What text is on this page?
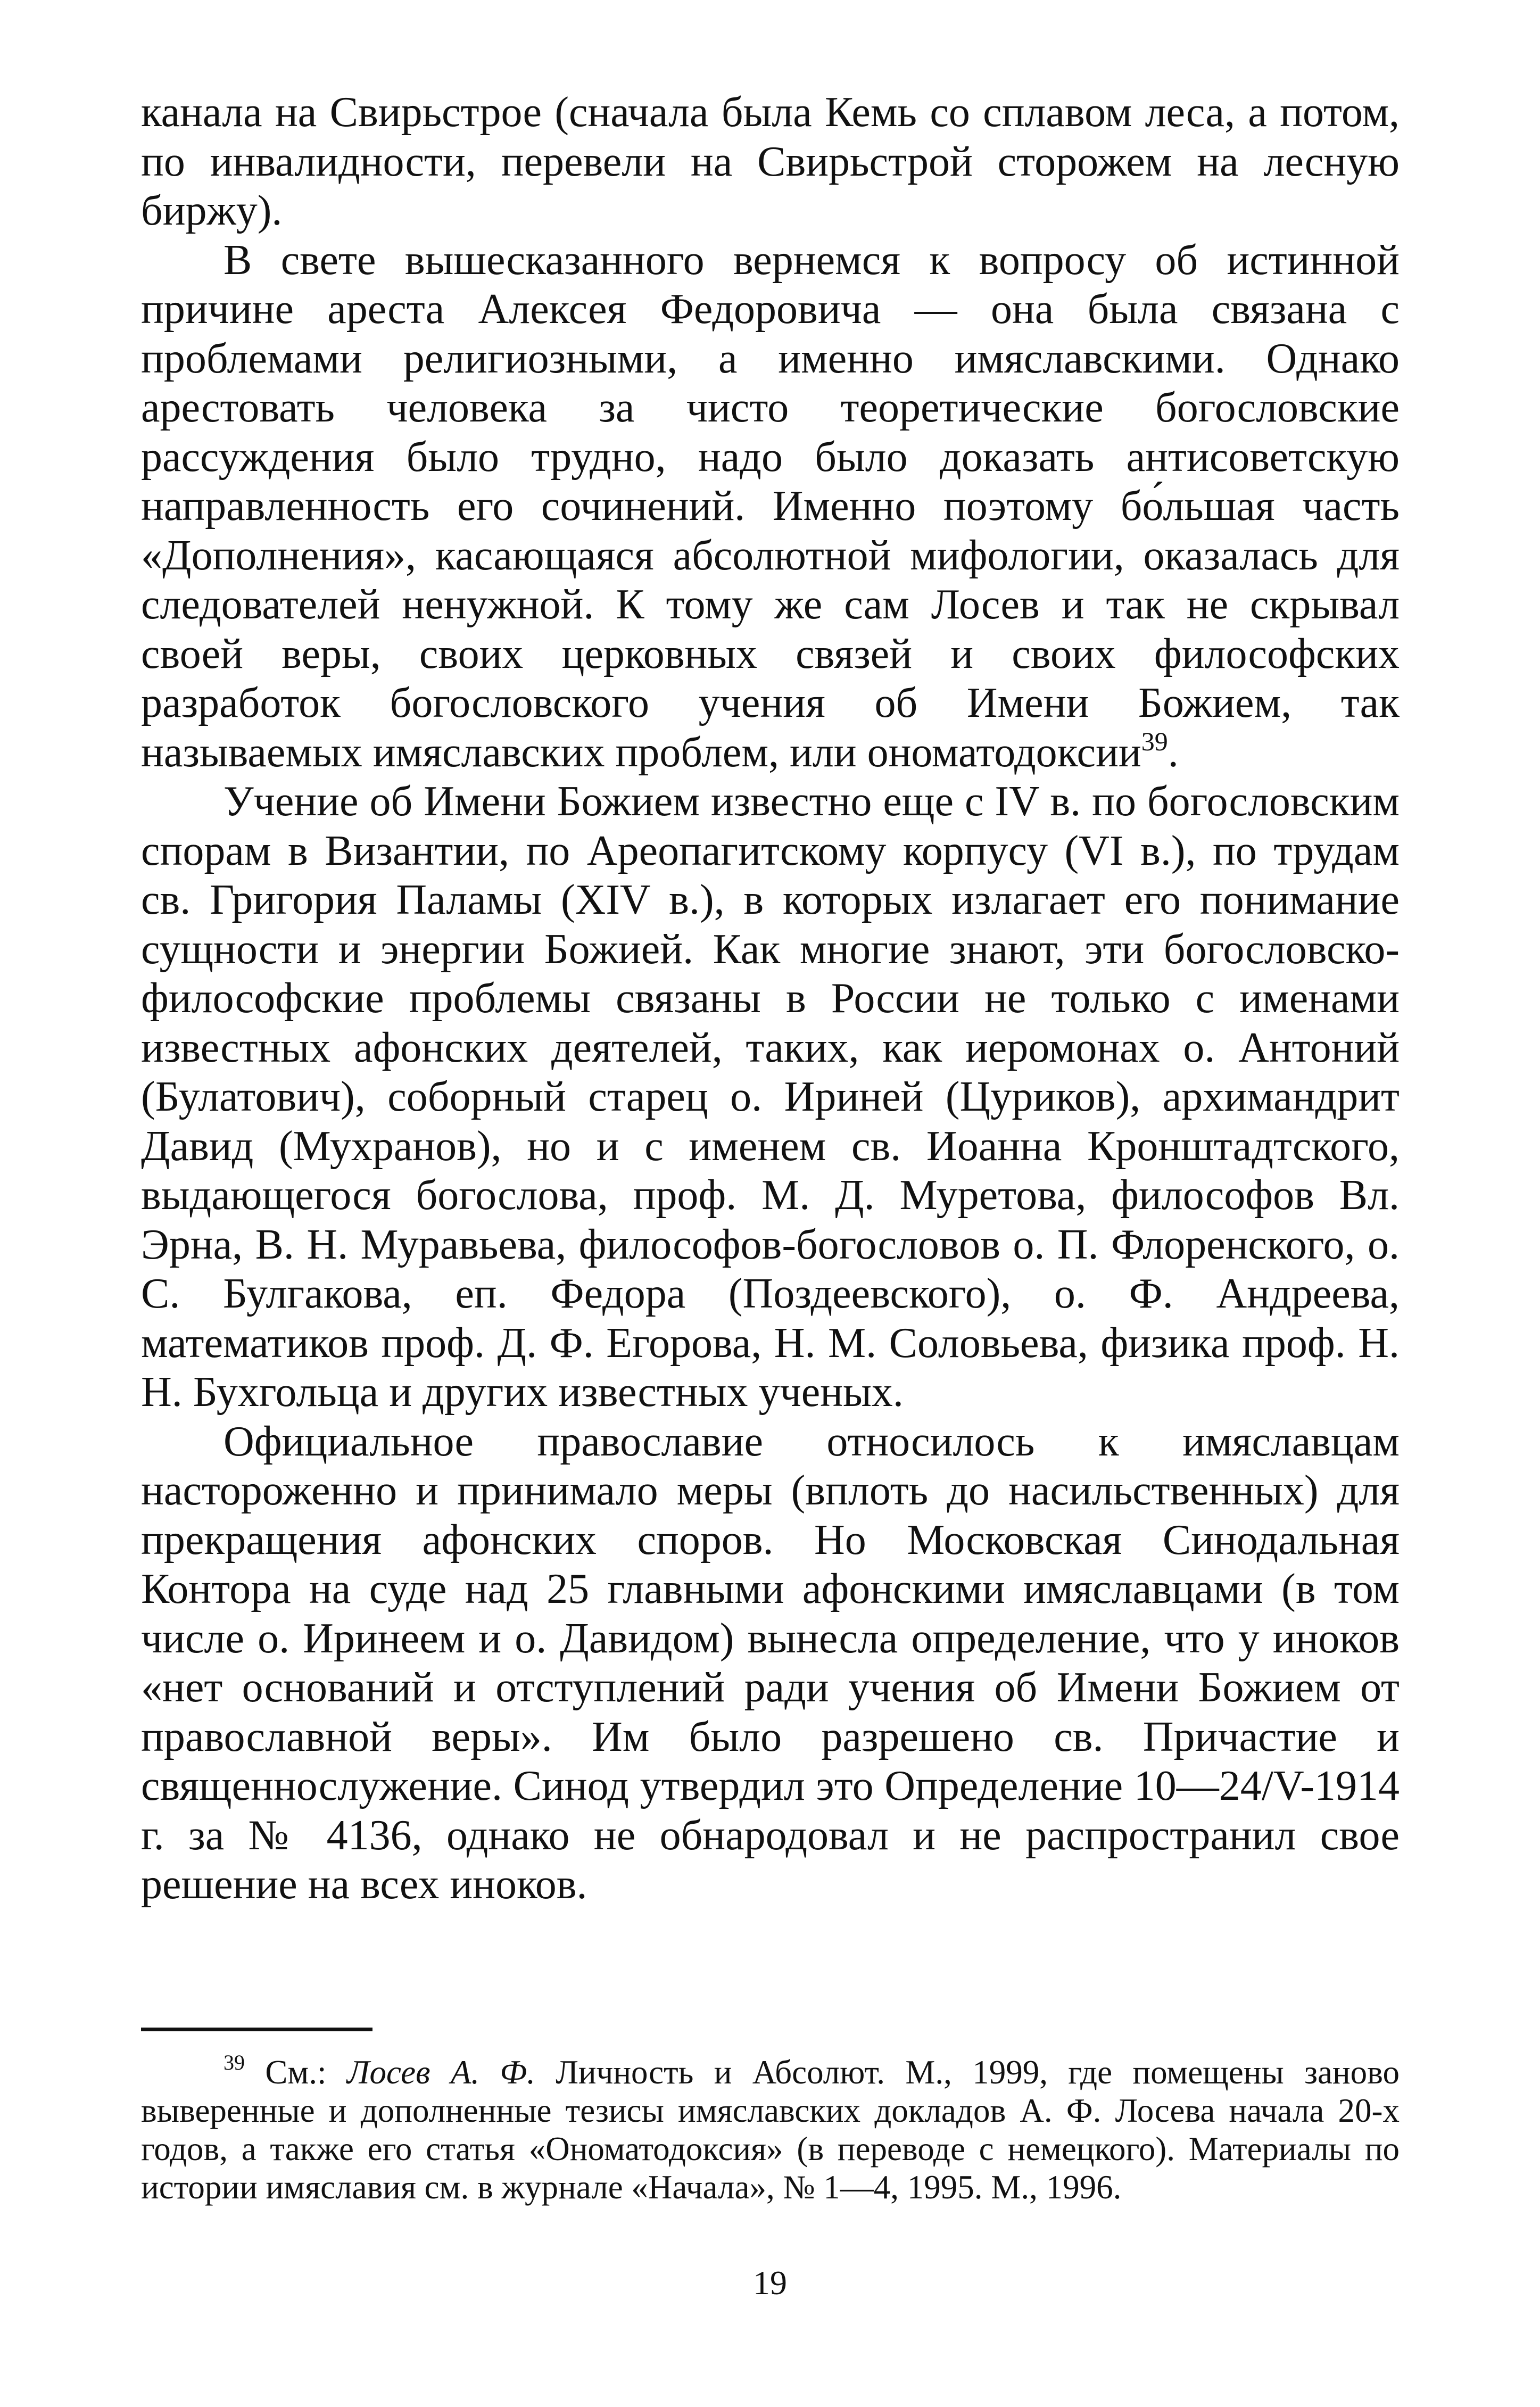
канала на Свирьстрое (сначала была Кемь со сплавом леса, а потом, по инвалидности, перевели на Свирьстрой сторожем на лесную биржу).

В свете вышесказанного вернемся к вопросу об истинной причине ареста Алексея Федоровича — она была связана с проблемами религиозными, а именно имяславскими. Однако арестовать человека за чисто теоретические богословские рассуждения было трудно, надо было доказать антисоветскую направленность его сочинений. Именно поэтому бо́льшая часть «Дополнения», касающаяся абсолютной мифологии, оказалась для следователей ненужной. К тому же сам Лосев и так не скрывал своей веры, своих церковных связей и своих философских разработок богословского учения об Имени Божием, так называемых имяславских проблем, или ономатодоксии$^{39}$.

Учение об Имени Божием известно еще с IV в. по богословским спорам в Византии, по Ареопагитскому корпусу (VI в.), по трудам св. Григория Паламы (XIV в.), в которых излагает его понимание сущности и энергии Божией. Как многие знают, эти богословско-философские проблемы связаны в России не только с именами известных афонских деятелей, таких, как иеромонах о. Антоний (Булатович), соборный старец о. Ириней (Цуриков), архимандрит Давид (Мухранов), но и с именем св. Иоанна Кронштадтского, выдающегося богослова, проф. М. Д. Муретова, философов Вл. Эрна, В. Н. Муравьева, философов-богословов о. П. Флоренского, о. С. Булгакова, еп. Федора (Поздеевского), о. Ф. Андреева, математиков проф. Д. Ф. Егорова, Н. М. Соловьева, физика проф. Н. Н. Бухгольца и других известных ученых.

Официальное православие относилось к имяславцам настороженно и принимало меры (вплоть до насильственных) для прекращения афонских споров. Но Московская Синодальная Контора на суде над 25 главными афонскими имяславцами (в том числе о. Иринеем и о. Давидом) вынесла определение, что у иноков «нет оснований и отступлений ради учения об Имени Божием от православной веры». Им было разрешено св. Причастие и священнослужение. Синод утвердил это Определение 10—24/V-1914 г. за № 4136, однако не обнародовал и не распространил свое решение на всех иноков.

$^{39}$ См.: Лосев А. Ф. Личность и Абсолют. М., 1999, где помещены заново выверенные и дополненные тезисы имяславских докладов А. Ф. Лосева начала 20-х годов, а также его статья «Ономатодоксия» (в переводе с немецкого). Материалы по истории имяславия см. в журнале «Начала», № 1—4, 1995. М., 1996.

19
